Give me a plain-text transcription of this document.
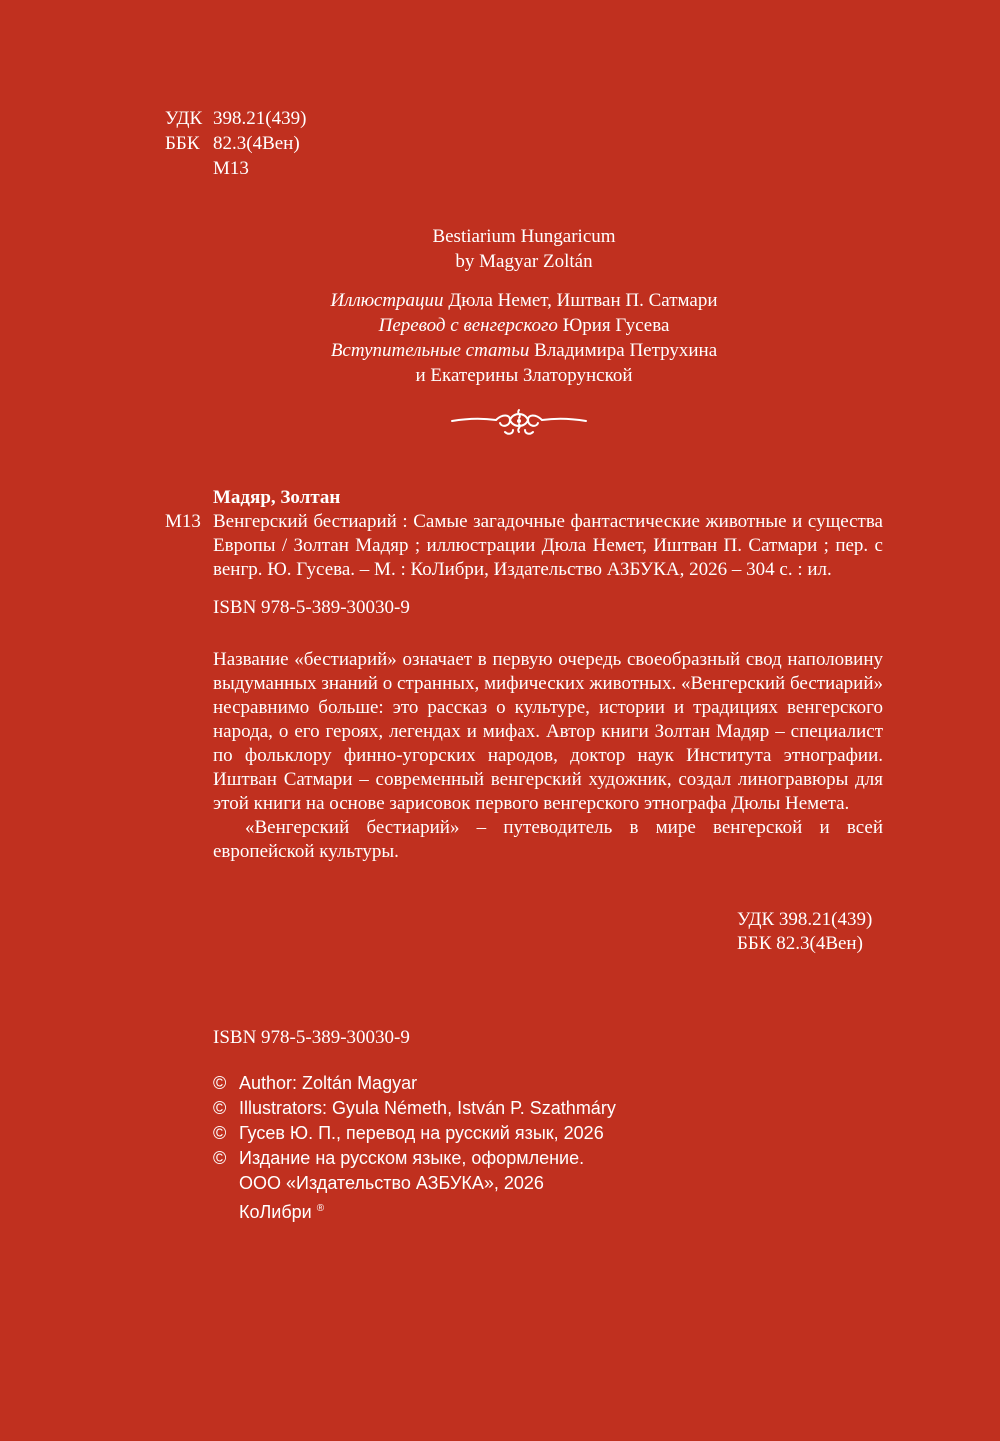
УДК 398.21(439)
ББК 82.3(4Вен)
М13
Bestiarium Hungaricum
by Magyar Zoltán
Иллюстрации Дюла Немет, Иштван П. Сатмари
Перевод с венгерского Юрия Гусева
Вступительные статьи Владимира Петрухина
и Екатерины Златорунской
Мадяр, Золтан
М13 Венгерский бестиарий : Самые загадочные фантастические животные и существа Европы / Золтан Мадяр ; иллюстрации Дюла Немет, Иштван П. Сатмари ; пер. с венгр. Ю. Гусева. – М. : КоЛибри, Издательство АЗБУКА, 2026 – 304 с. : ил.
ISBN 978-5-389-30030-9

Название «бестиарий» означает в первую очередь своеобразный свод наполовину выдуманных знаний о странных, мифических животных. «Венгерский бестиарий» несравнимо больше: это рассказ о культуре, истории и традициях венгерского народа, о его героях, легендах и мифах. Автор книги Золтан Мадяр – специалист по фольклору финно-угорских народов, доктор наук Института этнографии. Иштван Сатмари – современный венгерский художник, создал линогравюры для этой книги на основе зарисовок первого венгерского этнографа Дюлы Немета.

«Венгерский бестиарий» – путеводитель в мире венгерской и всей европейской культуры.

УДК 398.21(439)
ББК 82.3(4Вен)
ISBN 978-5-389-30030-9
© Author: Zoltán Magyar
© Illustrators: Gyula Németh, István P. Szathmáry
© Гусев Ю. П., перевод на русский язык, 2026
© Издание на русском языке, оформление.
ООО «Издательство АЗБУКА», 2026
КоЛибри ®
